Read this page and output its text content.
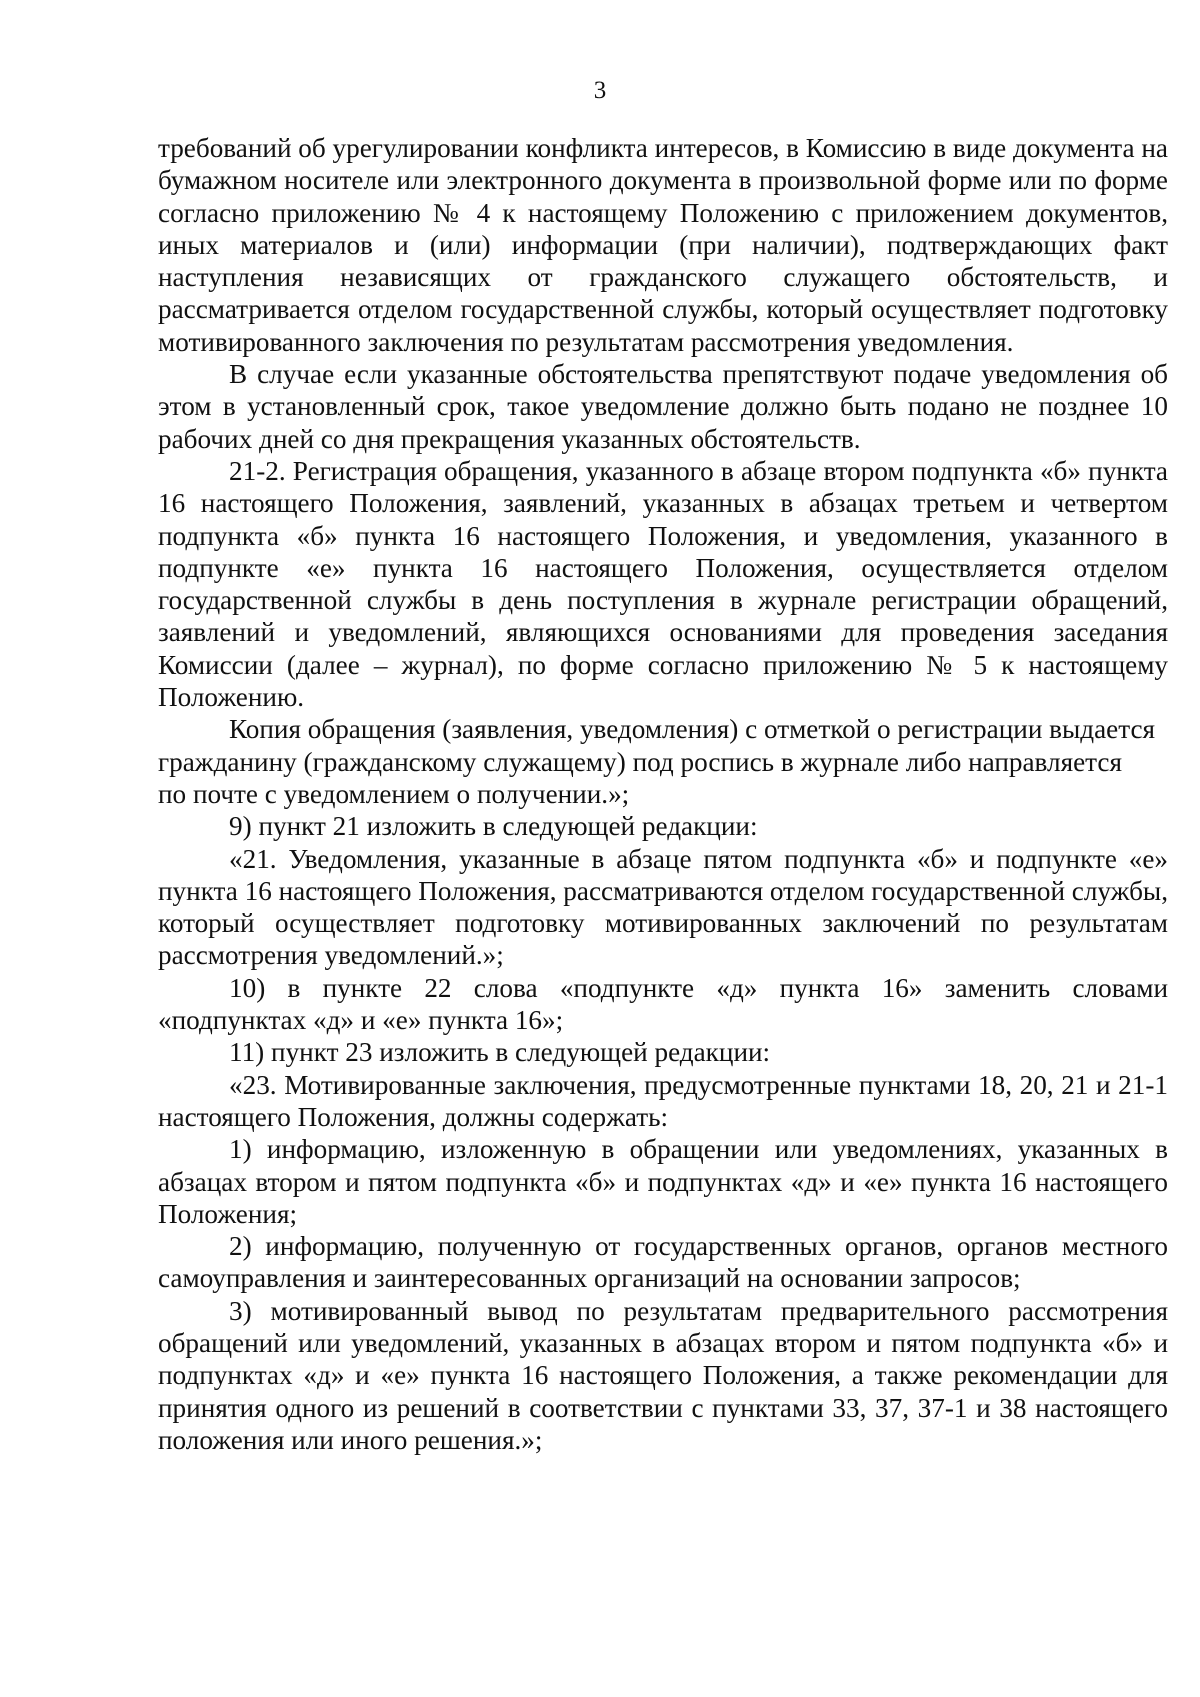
3

требований об урегулировании конфликта интересов, в Комиссию в виде документа на бумажном носителе или электронного документа в произвольной форме или по форме согласно приложению № 4 к настоящему Положению с приложением документов, иных материалов и (или) информации (при наличии), подтверждающих факт наступления независящих от гражданского служащего обстоятельств, и рассматривается отделом государственной службы, который осуществляет подготовку мотивированного заключения по результатам рассмотрения уведомления.

В случае если указанные обстоятельства препятствуют подаче уведомления об этом в установленный срок, такое уведомление должно быть подано не позднее 10 рабочих дней со дня прекращения указанных обстоятельств.

21-2. Регистрация обращения, указанного в абзаце втором подпункта «б» пункта 16 настоящего Положения, заявлений, указанных в абзацах третьем и четвертом подпункта «б» пункта 16 настоящего Положения, и уведомления, указанного в подпункте «е» пункта 16 настоящего Положения, осуществляется отделом государственной службы в день поступления в журнале регистрации обращений, заявлений и уведомлений, являющихся основаниями для проведения заседания Комиссии (далее – журнал), по форме согласно приложению № 5 к настоящему Положению.

Копия обращения (заявления, уведомления) с отметкой о регистрации выдается гражданину (гражданскому служащему) под роспись в журнале либо направляется

по почте с уведомлением о получении.»;

9) пункт 21 изложить в следующей редакции:

«21. Уведомления, указанные в абзаце пятом подпункта «б» и подпункте «е» пункта 16 настоящего Положения, рассматриваются отделом государственной службы, который осуществляет подготовку мотивированных заключений по результатам рассмотрения уведомлений.»;

10) в пункте 22 слова «подпункте «д» пункта 16» заменить словами «подпунктах «д» и «е» пункта 16»;

11) пункт 23 изложить в следующей редакции:

«23. Мотивированные заключения, предусмотренные пунктами 18, 20, 21 и 21-1 настоящего Положения, должны содержать:

1) информацию, изложенную в обращении или уведомлениях, указанных в абзацах втором и пятом подпункта «б» и подпунктах «д» и «е» пункта 16 настоящего Положения;

2) информацию, полученную от государственных органов, органов местного самоуправления и заинтересованных организаций на основании запросов;

3) мотивированный вывод по результатам предварительного рассмотрения обращений или уведомлений, указанных в абзацах втором и пятом подпункта «б» и подпунктах «д» и «е» пункта 16 настоящего Положения, а также рекомендации для принятия одного из решений в соответствии с пунктами 33, 37, 37-1 и 38 настоящего положения или иного решения.»;
